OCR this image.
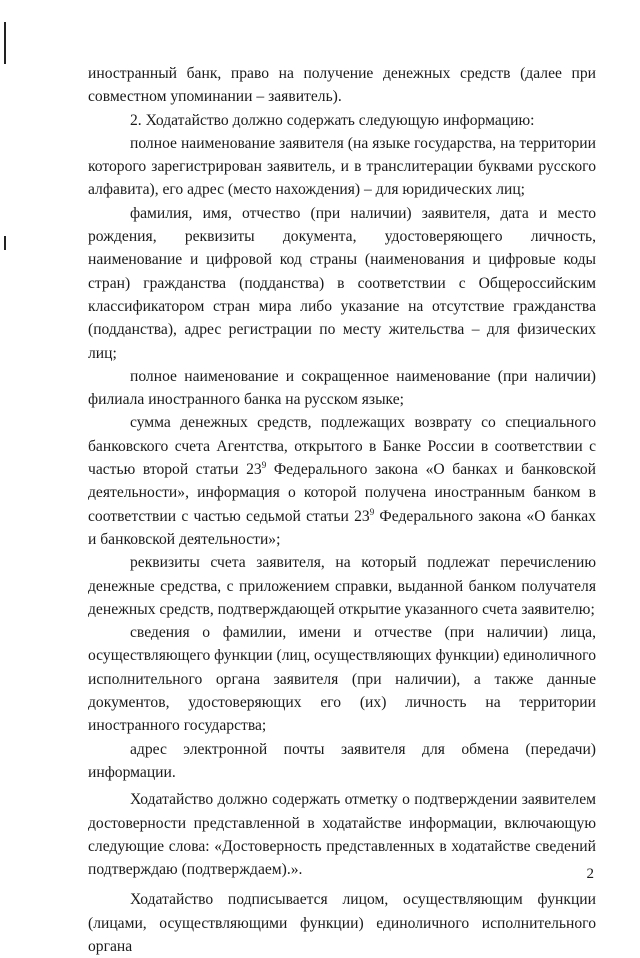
иностранный банк, право на получение денежных средств (далее при совместном упоминании – заявитель).

2. Ходатайство должно содержать следующую информацию:

полное наименование заявителя (на языке государства, на территории которого зарегистрирован заявитель, и в транслитерации буквами русского алфавита), его адрес (место нахождения) – для юридических лиц;

фамилия, имя, отчество (при наличии) заявителя, дата и место рождения, реквизиты документа, удостоверяющего личность, наименование и цифровой код страны (наименования и цифровые коды стран) гражданства (подданства) в соответствии с Общероссийским классификатором стран мира либо указание на отсутствие гражданства (подданства), адрес регистрации по месту жительства – для физических лиц;

полное наименование и сокращенное наименование (при наличии) филиала иностранного банка на русском языке;

сумма денежных средств, подлежащих возврату со специального банковского счета Агентства, открытого в Банке России в соответствии с частью второй статьи $23^9$ Федерального закона «О банках и банковской деятельности», информация о которой получена иностранным банком в соответствии с частью седьмой статьи $23^9$ Федерального закона «О банках и банковской деятельности»;

реквизиты счета заявителя, на который подлежат перечислению денежные средства, с приложением справки, выданной банком получателя денежных средств, подтверждающей открытие указанного счета заявителю;

сведения о фамилии, имени и отчестве (при наличии) лица, осуществляющего функции (лиц, осуществляющих функции) единоличного исполнительного органа заявителя (при наличии), а также данные документов, удостоверяющих его (их) личность на территории иностранного государства;

адрес электронной почты заявителя для обмена (передачи) информации.

Ходатайство должно содержать отметку о подтверждении заявителем достоверности представленной в ходатайстве информации, включающую следующие слова: «Достоверность представленных в ходатайстве сведений подтверждаю (подтверждаем).».

Ходатайство подписывается лицом, осуществляющим функции (лицами, осуществляющими функции) единоличного исполнительного органа

2
